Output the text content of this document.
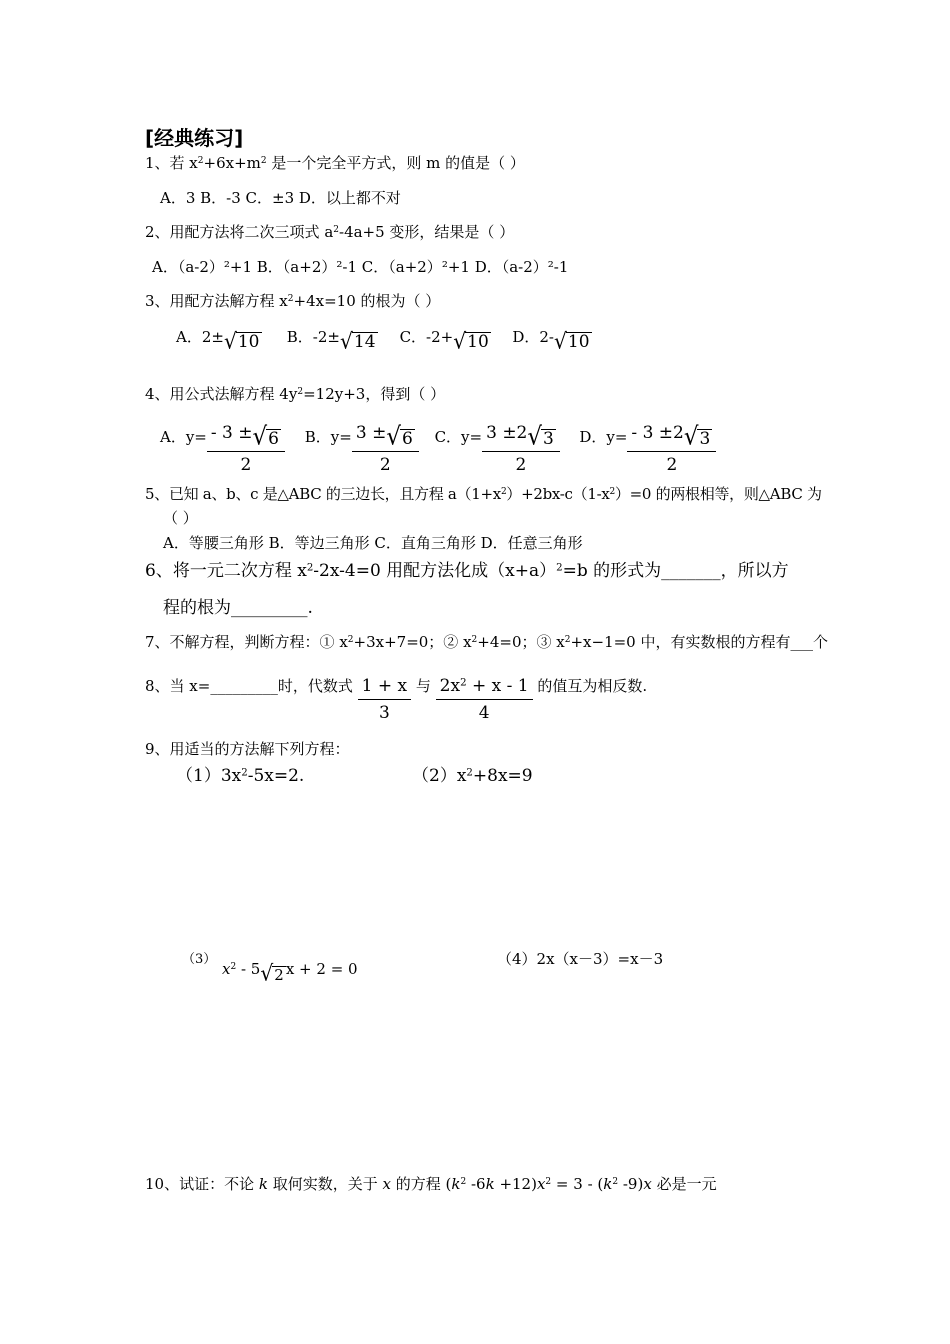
[经典练习]
1、若 $x^2+6x+m^2$ 是一个完全平方式，则 m 的值是（ ）
A．3 B．-3 C．±3 D．以上都不对
2、用配方法将二次三项式 $a^2-4a+5$ 变形，结果是（ ）
A．（a-2）²+1 B．（a+2）²-1 C．（a+2）²+1 D．（a-2）²-1
3、用配方法解方程 $x^2+4x=10$ 的根为（ ）
A．2± √ 10 B．-2± √ 14 C．-2+ √ 10 D．2- √ 10
4、用公式法解方程 $4y^2=12y+3$，得到（ ）
A．$y= \frac{- 3 \pm √ 6}{2}$ B．$y= \frac{3 \pm √ 6}{2}$ C．$y= \frac{3 \pm 2 √ 3}{2}$ D．$y= \frac{- 3 \pm 2 √ 3}{2}$
5、已知 a、b、c 是△ABC 的三边长，且方程 $a(1+x^2)+2bx-c(1-x^2)=0$ 的两根相等，则△ABC 为
（ ）
A．等腰三角形 B．等边三角形 C．直角三角形 D．任意三角形
6、将一元二次方程 $x^2-2x-4=0$ 用配方法化成$(x+a)^2=b$ 的形式为_______，所以方
程的根为_________.
7、不解方程，判断方程：① $x^2+3x+7=0$；② $x^2+4=0$；③ $x^2+x-1=0$ 中，有实数根的方程有___个
8、当 x=_________时，代数式 $\frac{1 + x}{3}$ 与 $\frac{2x^2 + x - 1}{4}$ 的值互为相反数.
9、用适当的方法解下列方程：
$(1)3x^2-5x=2$.	$(2)x^2+8x=9$
（3）
$x^2 - 5$ √ 2 x + 2 = 0
（4）2x（x－3）=x－3
10、试证：不论 k 取何实数，关于 x 的方程 ($k^2$ $-6k +12)x^2 = 3 - (k^2$ -9)x 必是一元
